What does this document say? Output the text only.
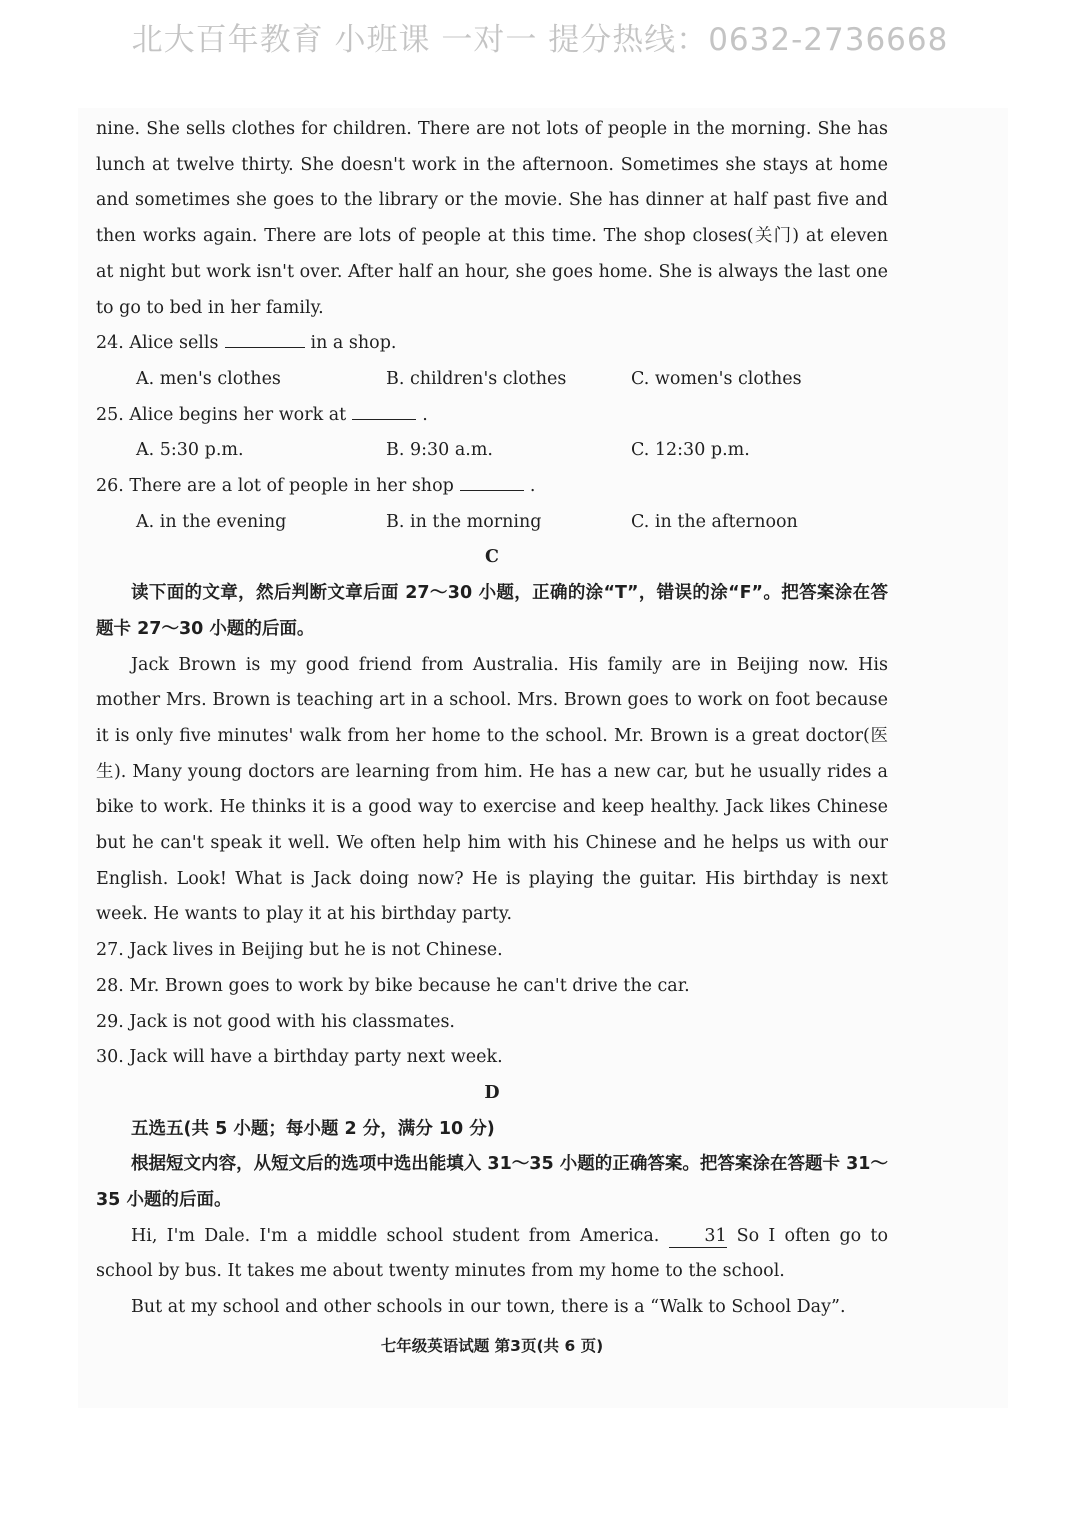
北大百年教育 小班课 一对一 提分热线：0632-2736668
nine. She sells clothes for children. There are not lots of people in the morning. She has lunch at twelve thirty. She doesn't work in the afternoon. Sometimes she stays at home and sometimes she goes to the library or the movie. She has dinner at half past five and then works again. There are lots of people at this time. The shop closes(关门) at eleven at night but work isn't over. After half an hour, she goes home. She is always the last one to go to bed in her family.
24. Alice sells	in a shop.
A. men's clothes	B. children's clothes	C. women's clothes
25. Alice begins her work at	.
A. 5:30 p.m.	B. 9:30 a.m.	C. 12:30 p.m.
26. There are a lot of people in her shop	.
A. in the evening	B. in the morning	C. in the afternoon
C
读下面的文章，然后判断文章后面 27～30 小题，正确的涂“T”，错误的涂“F”。把答案涂在答题卡 27～30 小题的后面。
Jack Brown is my good friend from Australia. His family are in Beijing now. His mother Mrs. Brown is teaching art in a school. Mrs. Brown goes to work on foot because it is only five minutes' walk from her home to the school. Mr. Brown is a great doctor(医生). Many young doctors are learning from him. He has a new car, but he usually rides a bike to work. He thinks it is a good way to exercise and keep healthy. Jack likes Chinese but he can't speak it well. We often help him with his Chinese and he helps us with our English. Look! What is Jack doing now? He is playing the guitar. His birthday is next week. He wants to play it at his birthday party.
27. Jack lives in Beijing but he is not Chinese.
28. Mr. Brown goes to work by bike because he can't drive the car.
29. Jack is not good with his classmates.
30. Jack will have a birthday party next week.
D
五选五(共 5 小题；每小题 2 分，满分 10 分)
根据短文内容，从短文后的选项中选出能填入 31～35 小题的正确答案。把答案涂在答题卡 31～35 小题的后面。
Hi, I'm Dale. I'm a middle school student from America.	31 So I often go to school by bus. It takes me about twenty minutes from my home to the school.
But at my school and other schools in our town, there is a “Walk to School Day”.
七年级英语试题 第3页(共 6 页)
